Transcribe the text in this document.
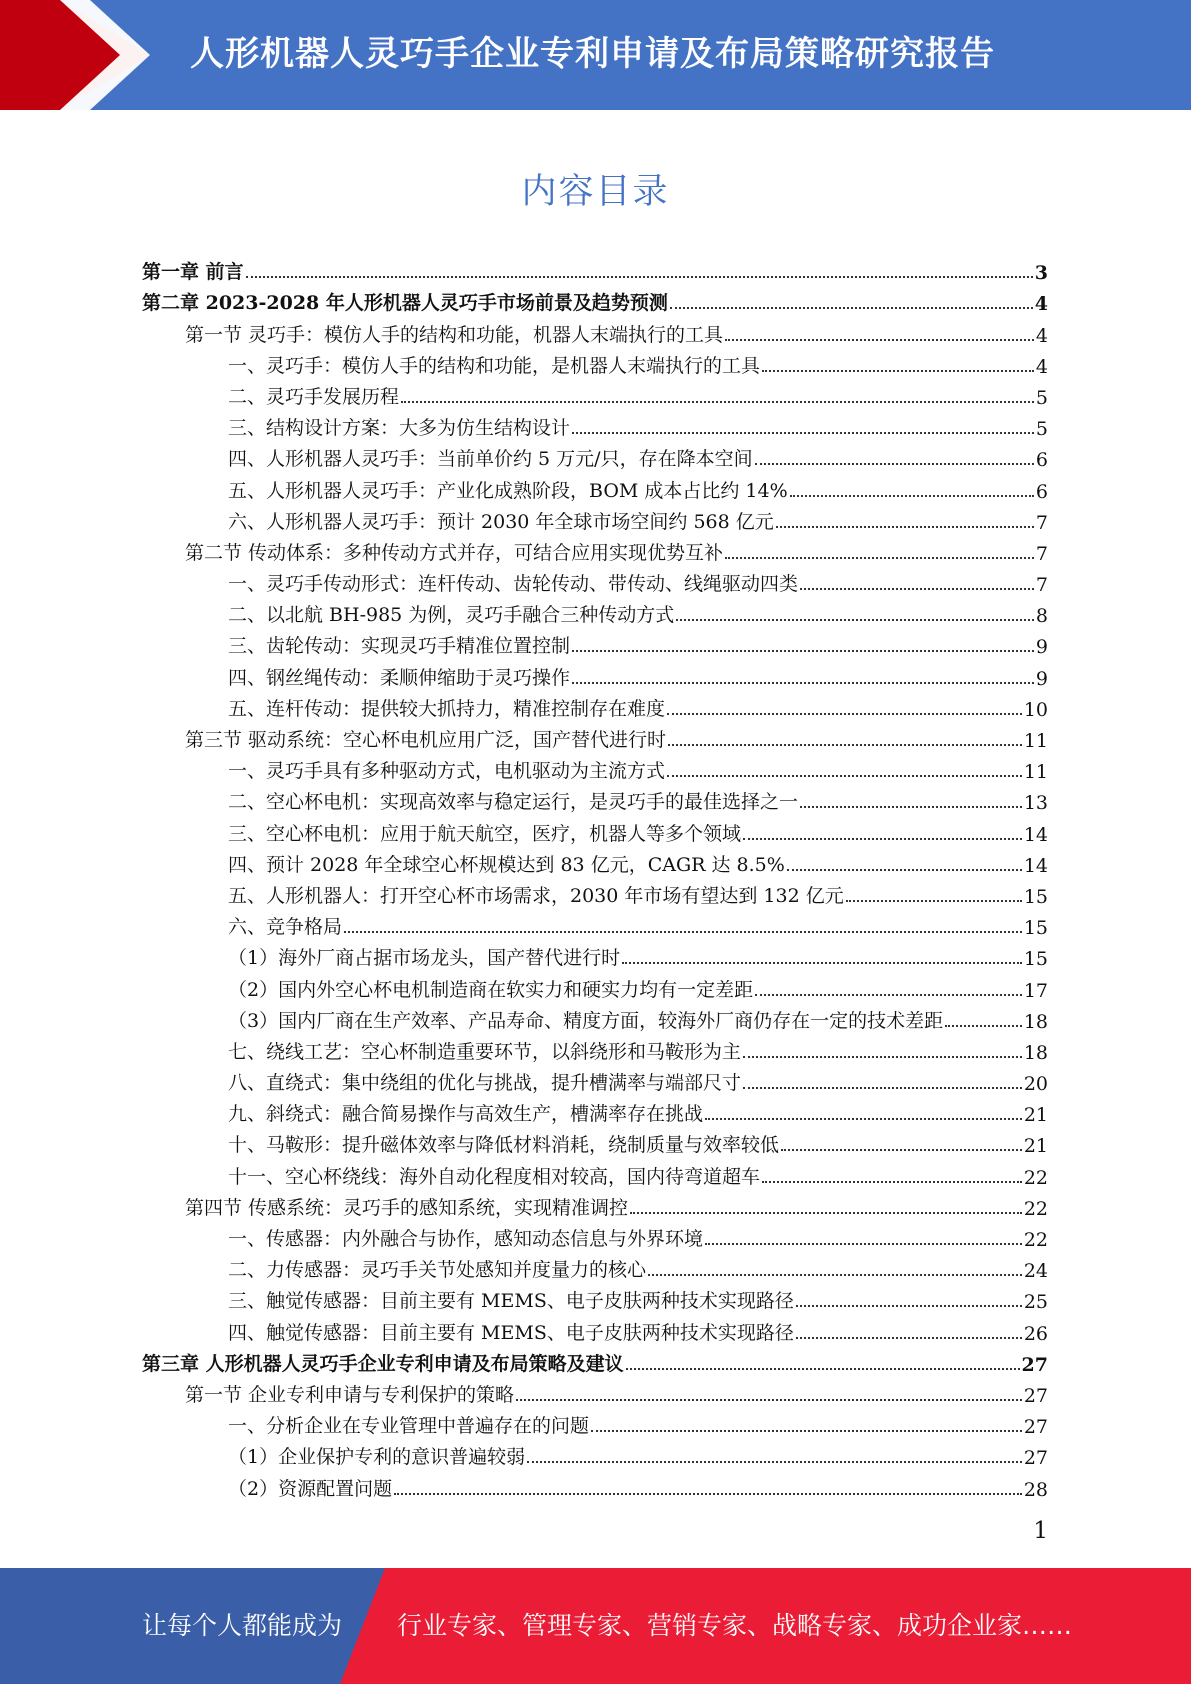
人形机器人灵巧手企业专利申请及布局策略研究报告
内容目录
第一章 前言	3
第二章 2023-2028 年人形机器人灵巧手市场前景及趋势预测	4
第一节 灵巧手：模仿人手的结构和功能，机器人末端执行的工具	4
一、灵巧手：模仿人手的结构和功能，是机器人末端执行的工具	4
二、灵巧手发展历程	5
三、结构设计方案：大多为仿生结构设计	5
四、人形机器人灵巧手：当前单价约 5 万元/只，存在降本空间	6
五、人形机器人灵巧手：产业化成熟阶段，BOM 成本占比约 14%	6
六、人形机器人灵巧手：预计 2030 年全球市场空间约 568 亿元	7
第二节 传动体系：多种传动方式并存，可结合应用实现优势互补	7
一、灵巧手传动形式：连杆传动、齿轮传动、带传动、线绳驱动四类	7
二、以北航 BH-985 为例，灵巧手融合三种传动方式	8
三、齿轮传动：实现灵巧手精准位置控制	9
四、钢丝绳传动：柔顺伸缩助于灵巧操作	9
五、连杆传动：提供较大抓持力，精准控制存在难度	10
第三节 驱动系统：空心杯电机应用广泛，国产替代进行时	11
一、灵巧手具有多种驱动方式，电机驱动为主流方式	11
二、空心杯电机：实现高效率与稳定运行，是灵巧手的最佳选择之一	13
三、空心杯电机：应用于航天航空，医疗，机器人等多个领域	14
四、预计 2028 年全球空心杯规模达到 83 亿元，CAGR 达 8.5%	14
五、人形机器人：打开空心杯市场需求，2030 年市场有望达到 132 亿元	15
六、竞争格局	15
（1）海外厂商占据市场龙头，国产替代进行时	15
（2）国内外空心杯电机制造商在软实力和硬实力均有一定差距	17
（3）国内厂商在生产效率、产品寿命、精度方面，较海外厂商仍存在一定的技术差距	18
七、绕线工艺：空心杯制造重要环节，以斜绕形和马鞍形为主	18
八、直绕式：集中绕组的优化与挑战，提升槽满率与端部尺寸	20
九、斜绕式：融合简易操作与高效生产，槽满率存在挑战	21
十、马鞍形：提升磁体效率与降低材料消耗，绕制质量与效率较低	21
十一、空心杯绕线：海外自动化程度相对较高，国内待弯道超车	22
第四节 传感系统：灵巧手的感知系统，实现精准调控	22
一、传感器：内外融合与协作，感知动态信息与外界环境	22
二、力传感器：灵巧手关节处感知并度量力的核心	24
三、触觉传感器：目前主要有 MEMS、电子皮肤两种技术实现路径	25
四、触觉传感器：目前主要有 MEMS、电子皮肤两种技术实现路径	26
第三章 人形机器人灵巧手企业专利申请及布局策略及建议	27
第一节 企业专利申请与专利保护的策略	27
一、分析企业在专业管理中普遍存在的问题	27
（1）企业保护专利的意识普遍较弱	27
（2）资源配置问题	28
1
让每个人都能成为 行业专家、管理专家、营销专家、战略专家、成功企业家……
